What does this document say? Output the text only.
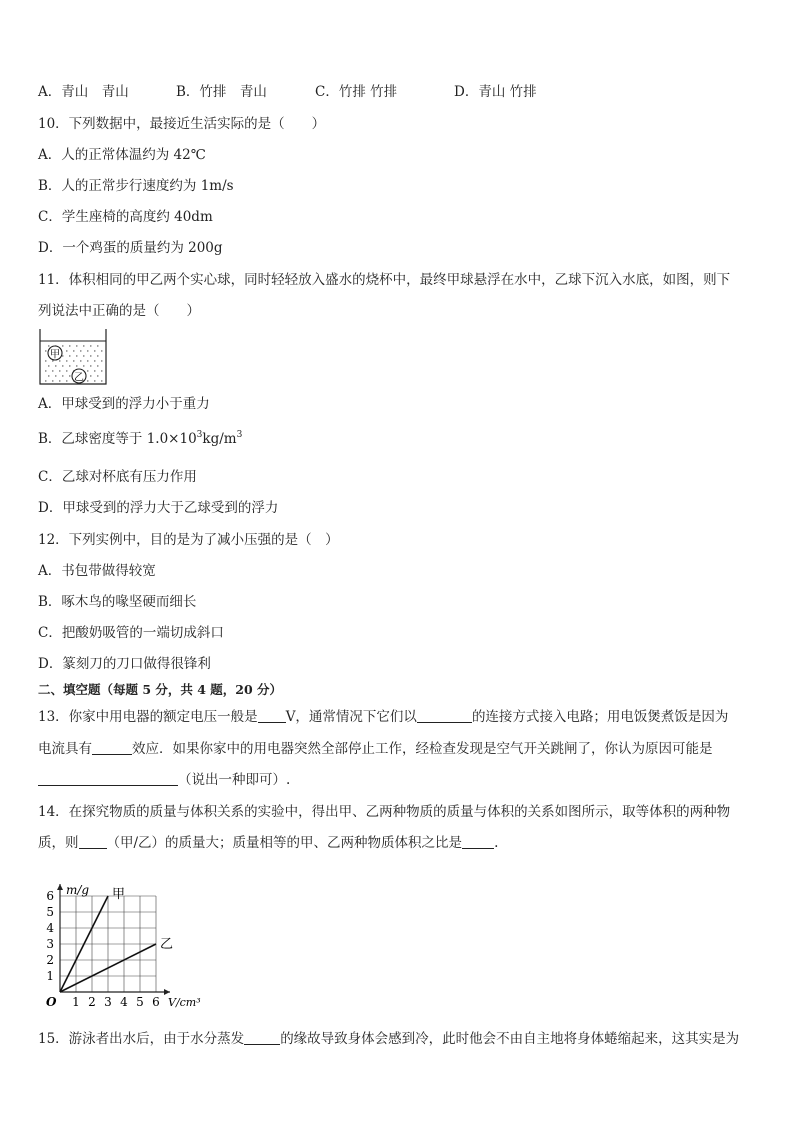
A．青山　青山	B．竹排　青山	C．竹排 竹排	D．青山 竹排
10．下列数据中，最接近生活实际的是（　　）
A．人的正常体温约为 42℃
B．人的正常步行速度约为 1m/s
C．学生座椅的高度约 40dm
D．一个鸡蛋的质量约为 200g
11．体积相同的甲乙两个实心球，同时轻轻放入盛水的烧杯中，最终甲球悬浮在水中，乙球下沉入水底，如图，则下
列说法中正确的是（　　）
甲
乙
A．甲球受到的浮力小于重力
B．乙球密度等于 $1.0\times 10^3kg/m^3$
C．乙球对杯底有压力作用
D．甲球受到的浮力大于乙球受到的浮力
12．下列实例中，目的是为了减小压强的是（　）
A．书包带做得较宽
B．啄木鸟的喙坚硬而细长
C．把酸奶吸管的一端切成斜口
D．篆刻刀的刀口做得很锋利
二、填空题（每题 5 分，共 4 题，20 分）
13．你家中用电器的额定电压一般是 V，通常情况下它们以	的连接方式接入电路；用电饭煲煮饭是因为
电流具有	效应．如果你家中的用电器突然全部停止工作，经检查发现是空气开关跳闸了，你认为原因可能是
（说出一种即可）.
14．在探究物质的质量与体积关系的实验中，得出甲、乙两种物质的质量与体积的关系如图所示，取等体积的两种物
质，则 （甲/乙）的质量大；质量相等的甲、乙两种物质体积之比是 .
1 2 3 4 5 6
1
2
3
4
5
6
O
m/g
V/cm³
甲
乙
15．游泳者出水后，由于水分蒸发	的缘故导致身体会感到冷，此时他会不由自主地将身体蜷缩起来，这其实是为
